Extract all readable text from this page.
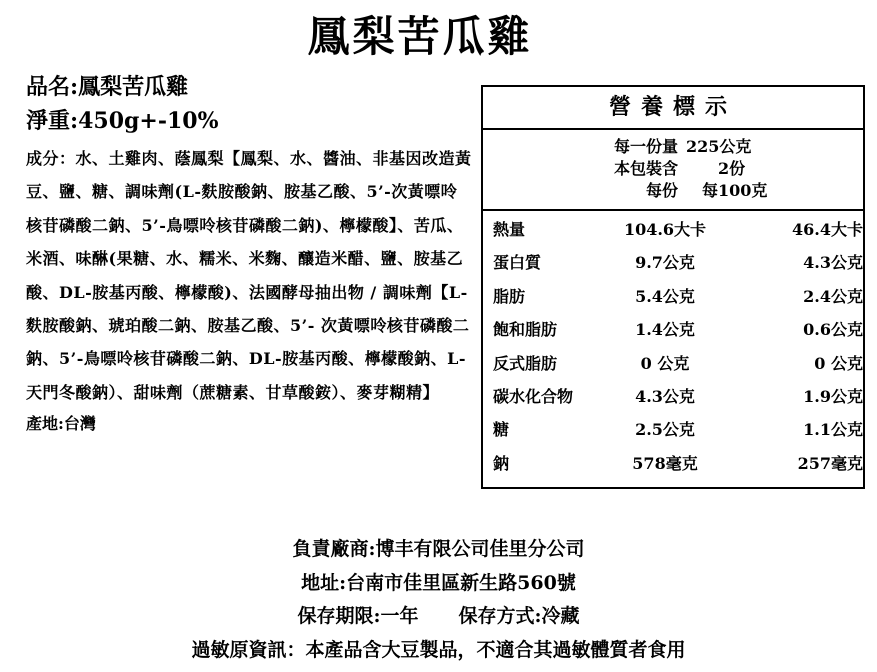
鳳梨苦瓜雞
品名:鳳梨苦瓜雞
淨重:450g+-10%
成分：水、土雞肉、蔭鳳梨【鳳梨、水、醬油、非基因改造黃豆、鹽、糖、調味劑(L-麩胺酸鈉、胺基乙酸、5’-次黃嘌呤核苷磷酸二鈉、5’-鳥嘌呤核苷磷酸二鈉)、檸檬酸】、苦瓜、米酒、味醂(果糖、水、糯米、米麴、釀造米醋、鹽、胺基乙酸、DL-胺基丙酸、檸檬酸)、法國酵母抽出物 / 調味劑【L-麩胺酸鈉、琥珀酸二鈉、胺基乙酸、5’- 次黃嘌呤核苷磷酸二鈉、5’-鳥嘌呤核苷磷酸二鈉、DL-胺基丙酸、檸檬酸鈉、L-天門冬酸鈉）、甜味劑（蔗糖素、甘草酸銨）、麥芽糊精】
產地:台灣
營養標示
每一份量 225公克
本包裝含	2份
每份 每100克
熱量	104.6大卡	46.4大卡
蛋白質	9.7公克	4.3公克
脂肪	5.4公克	2.4公克
飽和脂肪	1.4公克	0.6公克
反式脂肪	0 公克	0 公克
碳水化合物	4.3公克	1.9公克
糖	2.5公克	1.1公克
鈉	578毫克	257毫克
負責廠商:博丰有限公司佳里分公司
地址:台南市佳里區新生路560號
保存期限:一年 保存方式:冷藏
過敏原資訊：本產品含大豆製品，不適合其過敏體質者食用
